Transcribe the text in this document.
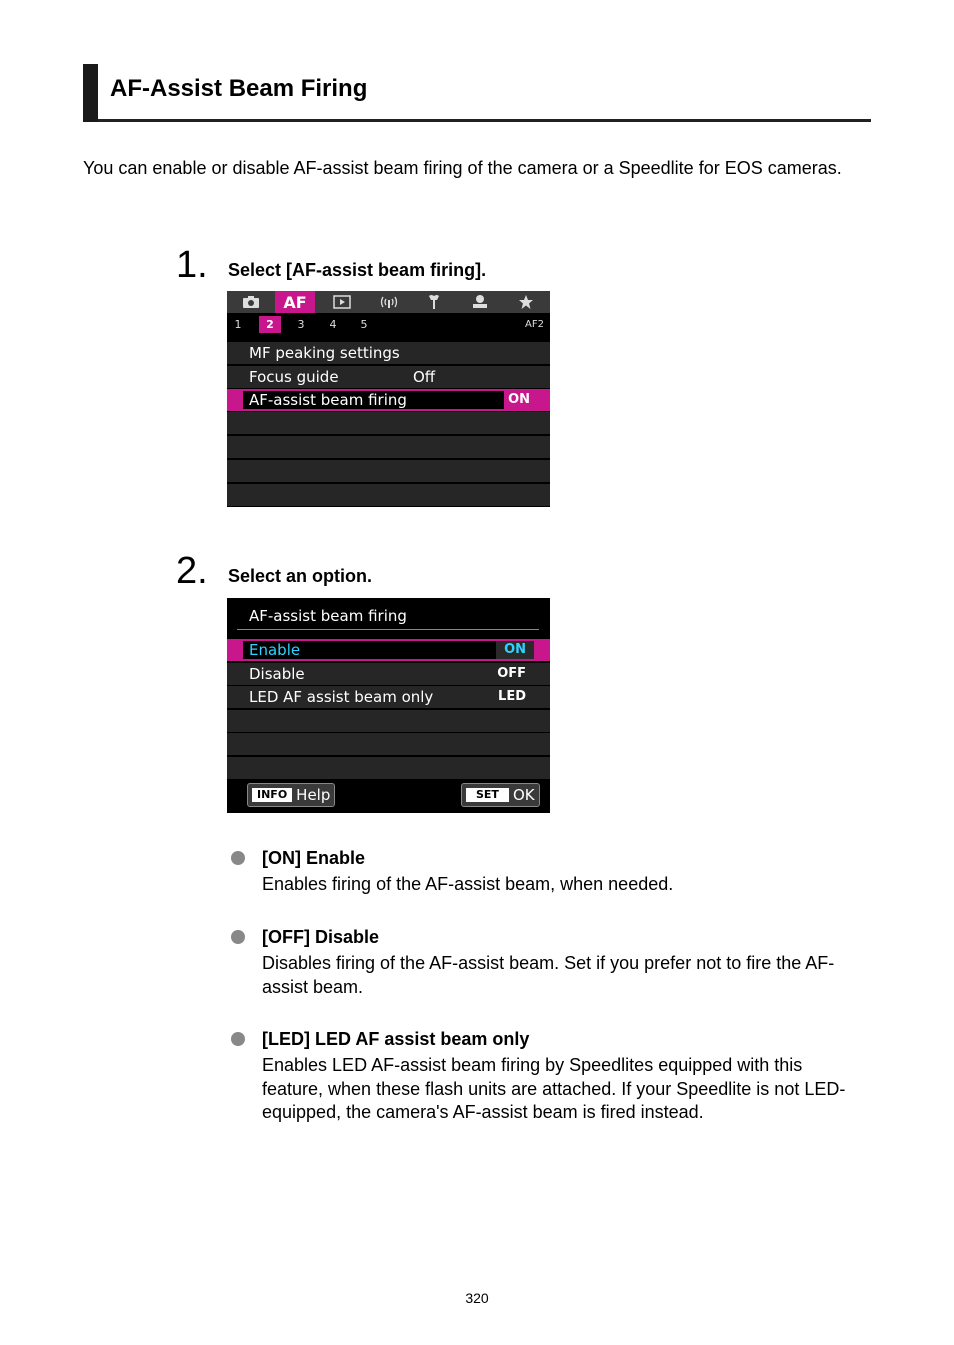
AF-Assist Beam Firing

You can enable or disable AF-assist beam firing of the camera or a Speedlite for EOS cameras.

1. Select [AF-assist beam firing].
AF
1	2	3	4	5	AF2
MF peaking settings
Focus guide	Off
AF-assist beam firing	ON
2. Select an option.
AF-assist beam firing
Enable	ON
Disable	OFF
LED AF assist beam only	LED
INFO Help	SET OK
[ON] Enable

Enables firing of the AF-assist beam, when needed.

[OFF] Disable

Disables firing of the AF-assist beam. Set if you prefer not to fire the AF-assist beam.

[LED] LED AF assist beam only

Enables LED AF-assist beam firing by Speedlites equipped with this feature, when these flash units are attached. If your Speedlite is not LED-equipped, the camera's AF-assist beam is fired instead.

320
